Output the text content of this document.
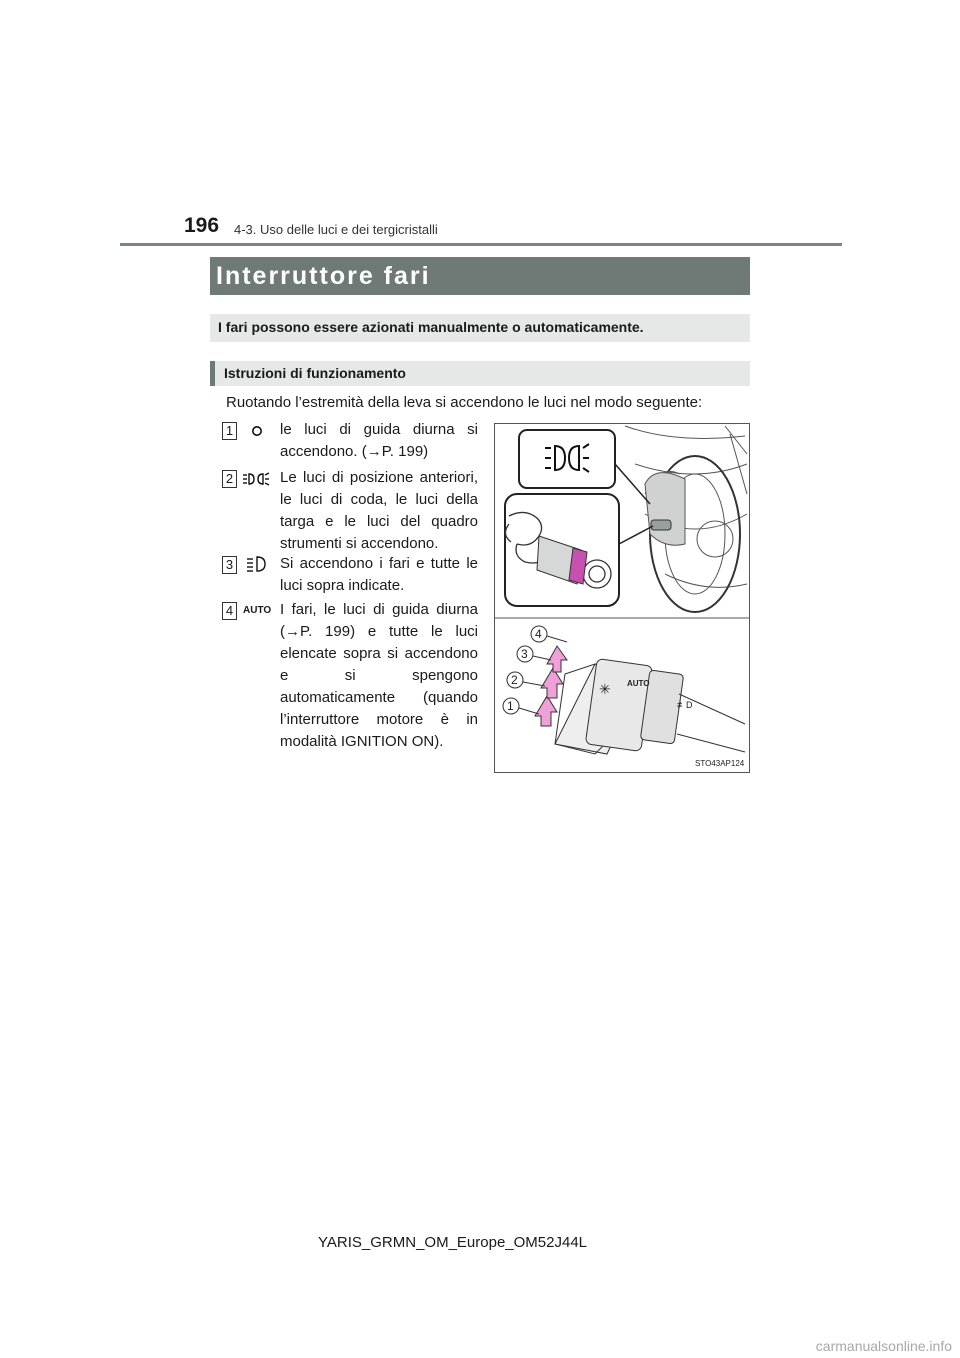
196 4-3. Uso delle luci e dei tergicristalli
Interruttore fari
I fari possono essere azionati manualmente o automaticamente.
Istruzioni di funzionamento
Ruotando l’estremità della leva si accendono le luci nel modo seguente:
1	le luci di guida diurna si accendono. (→P. 199)
2	Le luci di posizione anteriori, le luci di coda, le luci della targa e le luci del quadro strumenti si accendono.
3	Si accendono i fari e tutte le luci sopra indicate.
4 AUTO I fari, le luci di guida diurna (→P. 199) e tutte le luci elencate sopra si accendono e si spengono automaticamente (quando l’interruttore motore è in modalità IGNITION ON).
✳ AUTO
≢D
1
2
3
4
STO43AP124
YARIS_GRMN_OM_Europe_OM52J44L
carmanualsonline.info
